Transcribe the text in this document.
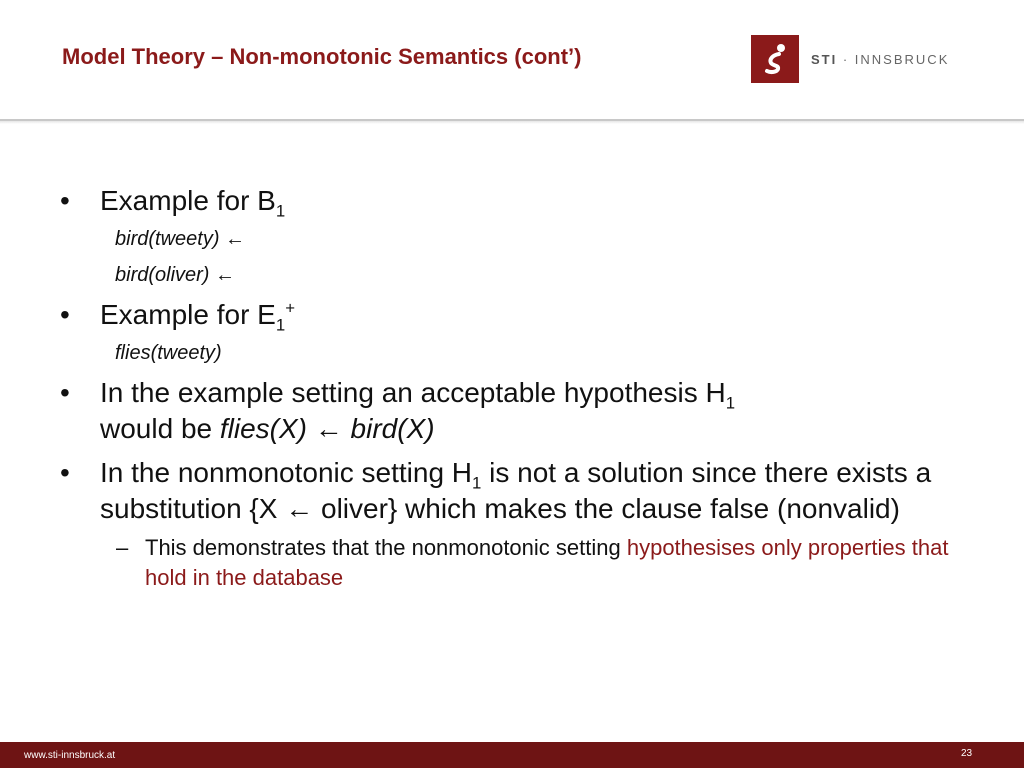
Model Theory – Non-monotonic Semantics (cont’)	STI · INNSBRUCK

• Example for $B_1$

bird(tweety) ←
bird(oliver) ←

• Example for $E_1^+$

flies(tweety)

• In the example setting an acceptable hypothesis $H_1$
would be flies(X) ← bird(X)

• In the nonmonotonic setting $H_1$ is not a solution since there exists a substitution {X ← oliver} which makes the clause false (nonvalid)

– This demonstrates that the nonmonotonic setting hypothesises only properties that hold in the database
www.sti-innsbruck.at	23
